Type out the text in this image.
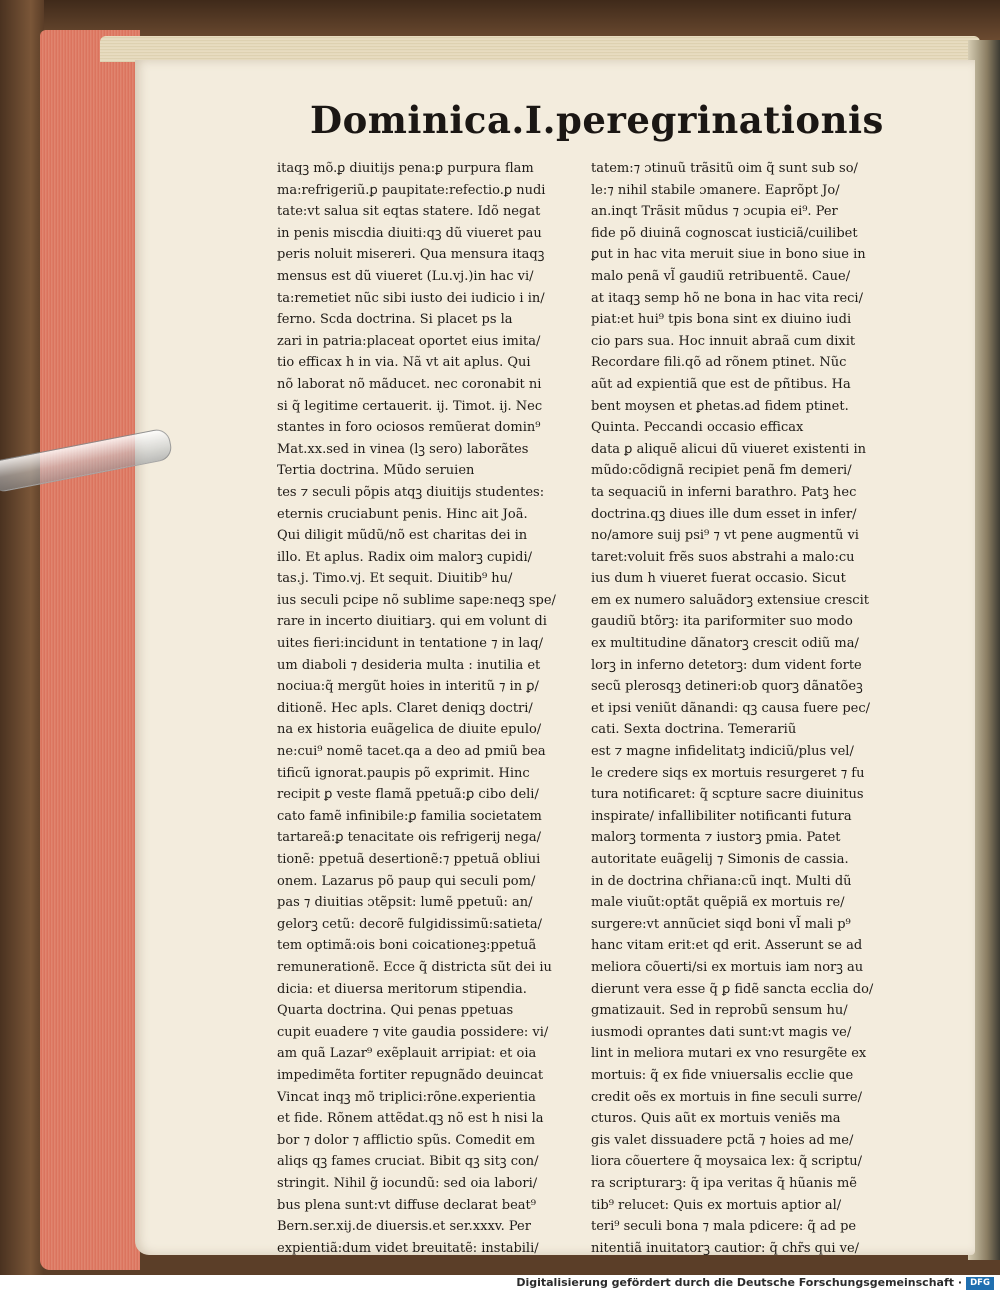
Dominica.I.peregrinationis
itaqꝫ mõ.ꝑ diuitijs pena:ꝑ purpura flam
ma:refrigeriũ.ꝑ paupitate:refectio.ꝑ nudi
tate:vt salua sit eqtas statere. Idõ negat
in penis miscdia diuiti:qꝫ dũ viueret pau
peris noluit misereri. Qua mensura itaqꝫ
mensus est dũ viueret (Lu.vj.)in hac vi/
ta:remetiet nũc sibi iusto dei iudicio i in/
ferno. Scda doctrina. Si placet ps la
zari in patria:placeat oportet eius imita/
tio efficax h in via. Nã vt ait aplus. Qui
nõ laborat nõ mãducet. nec coronabit ni
si q̃ legitime certauerit. ij. Timot. ij. Nec
stantes in foro ociosos remũerat domin⁹
Mat.xx.sed in vinea (lꝫ sero) laborãtes
Tertia doctrina. Mũdo seruien
tes ⁊ seculi põpis atqꝫ diuitijs studentes:
eternis cruciabunt penis. Hinc ait Joã.
Qui diligit mũdũ/nõ est charitas dei in
illo. Et aplus. Radix oim malorꝫ cupidi/
tas.j. Timo.vj. Et sequit. Diuitib⁹ hu/
ius seculi pcipe nõ sublime sape:neqꝫ spe/
rare in incerto diuitiarꝫ. qui em volunt di
uites fieri:incidunt in tentatione ⁊ in laq/
um diaboli ⁊ desideria multa : inutilia et
nociua:q̃ mergũt hoies in interitũ ⁊ in ꝑ/
ditionẽ. Hec apls. Claret deniqꝫ doctri/
na ex historia euãgelica de diuite epulo/
ne:cui⁹ nomẽ tacet.qa a deo ad pmiũ bea
tificũ ignorat.paupis põ exprimit. Hinc
recipit ꝑ veste flamã ppetuã:ꝑ cibo deli/
cato famẽ infinibile:ꝑ familia societatem
tartareã:ꝑ tenacitate ois refrigerij nega/
tionẽ: ppetuã desertionẽ:⁊ ppetuã obliui
onem. Lazarus põ paup qui seculi pom/
pas ⁊ diuitias ɔtẽpsit: lumẽ ppetuũ: an/
gelorꝫ cetũ: decorẽ fulgidissimũ:satieta/
tem optimã:ois boni coicationeꝫ:ppetuã
remunerationẽ. Ecce q̃ districta sũt dei iu
dicia: et diuersa meritorum stipendia.
Quarta doctrina. Qui penas ppetuas
cupit euadere ⁊ vite gaudia possidere: vi/
am quã Lazar⁹ exẽplauit arripiat: et oia
impedimẽta fortiter repugnãdo deuincat
Vincat inqꝫ mõ triplici:rõne.experientia
et fide. Rõnem attẽdat.qꝫ nõ est h nisi la
bor ⁊ dolor ⁊ afflictio spũs. Comedit em
aliqs qꝫ fames cruciat. Bibit qꝫ sitꝫ con/
stringit. Nihil g̃ iocundũ: sed oia labori/
bus plena sunt:vt diffuse declarat beat⁹
Bern.ser.xij.de diuersis.et ser.xxxv. Per
expientiã:dum videt breuitatẽ: instabili/
tatem:⁊ ɔtinuũ trãsitũ oim q̃ sunt sub so/
le:⁊ nihil stabile ɔmanere. Eaprõpt Jo/
an.inqt Trãsit mũdus ⁊ ɔcupia ei⁹. Per
fide põ diuinã cognoscat iusticiã/cuilibet
ꝑut in hac vita meruit siue in bono siue in
malo penã vl̃ gaudiũ retribuentẽ. Caue/
at itaqꝫ semp hõ ne bona in hac vita reci/
piat:et hui⁹ tpis bona sint ex diuino iudi
cio pars sua. Hoc innuit abraã cum dixit
Recordare fili.qõ ad rõnem ptinet. Nũc
aũt ad expientiã que est de pñtibus. Ha
bent moysen et ꝑhetas.ad fidem ptinet.
Quinta. Peccandi occasio efficax
data ꝑ aliquẽ alicui dũ viueret existenti in
mũdo:cõdignã recipiet penã fm demeri/
ta sequaciũ in inferni barathro. Patꝫ hec
doctrina.qꝫ diues ille dum esset in infer/
no/amore suij psi⁹ ⁊ vt pene augmentũ vi
taret:voluit frẽs suos abstrahi a malo:cu
ius dum h viueret fuerat occasio. Sicut
em ex numero saluãdorꝫ extensiue crescit
gaudiũ btõrꝫ: ita pariformiter suo modo
ex multitudine dãnatorꝫ crescit odiũ ma/
lorꝫ in inferno detetorꝫ: dum vident forte
secũ plerosqꝫ detineri:ob quorꝫ dãnatõeꝫ
et ipsi veniũt dãnandi: qꝫ causa fuere pec/
cati. Sexta doctrina. Temerariũ
est ⁊ magne infidelitatꝫ indiciũ/plus vel/
le credere siqs ex mortuis resurgeret ⁊ fu
tura notificaret: q̃ scpture sacre diuinitus
inspirate/ infallibiliter notificanti futura
malorꝫ tormenta ⁊ iustorꝫ pmia. Patet
autoritate euãgelij ⁊ Simonis de cassia.
in de doctrina chr̃iana:cũ inqt. Multi dũ
male viuũt:optãt quẽpiã ex mortuis re/
surgere:vt annũciet siqd boni vl̃ mali p⁹
hanc vitam erit:et qd erit. Asserunt se ad
meliora cõuerti/si ex mortuis iam norꝫ au
dierunt vera esse q̃ ꝑ fidẽ sancta ecclia do/
gmatizauit. Sed in reprobũ sensum hu/
iusmodi oprantes dati sunt:vt magis ve/
lint in meliora mutari ex vno resurgẽte ex
mortuis: q̃ ex fide vniuersalis ecclie que
credit oẽs ex mortuis in fine seculi surre/
cturos. Quis aũt ex mortuis veniẽs ma
gis valet dissuadere pctã ⁊ hoies ad me/
liora cõuertere q̃ moysaica lex: q̃ scriptu/
ra scripturarꝫ: q̃ ipa veritas q̃ hũanis mẽ
tib⁹ relucet: Quis ex mortuis aptior al/
teri⁹ seculi bona ⁊ mala pdicere: q̃ ad pe
nitentiã inuitatorꝫ cautior: q̃ chr̃s qui ve/
Digitalisierung gefördert durch die Deutsche Forschungsgemeinschaft · DFG
